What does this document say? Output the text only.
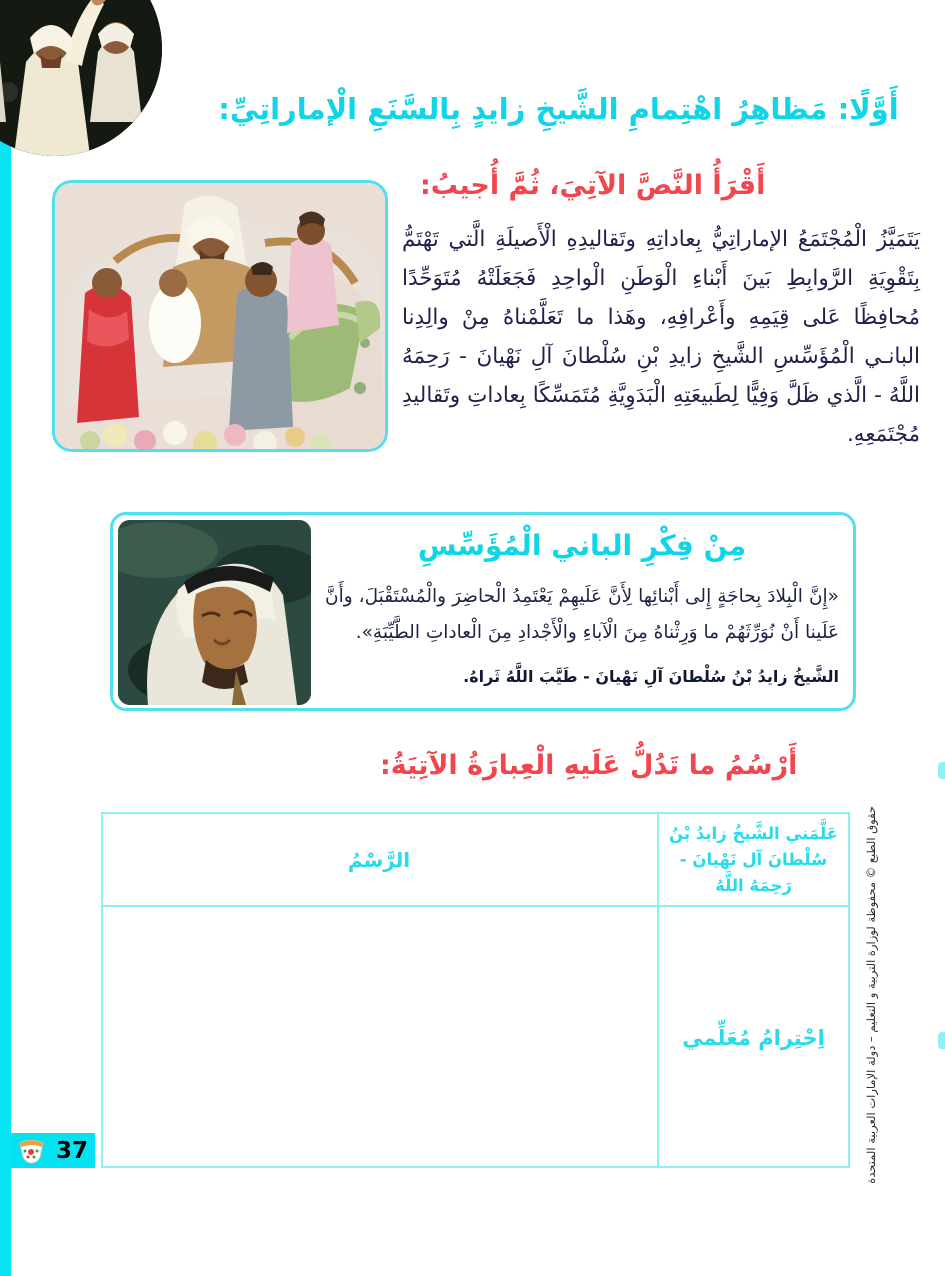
أَوَّلًا: مَظاهِرُ اهْتِمامِ الشَّيخِ زايدٍ بِالسَّنَعِ الْإماراتِيِّ:
أَقْرَأُ النَّصَّ الآتِيَ، ثُمَّ أُجيبُ:
يَتَمَيَّزُ الْمُجْتَمَعُ الإماراتِيُّ بِعاداتِهِ وتَقاليدِهِ الْأَصيلَةِ الَّتي تَهْتَمُّ بِتَقْوِيَةِ الرَّوابِطِ بَينَ أَبْناءِ الْوَطَنِ الْواحِدِ فَجَعَلَتْهُ مُتَوَحِّدًا مُحافِظًا عَلى قِيَمِهِ وأَعْرافِهِ، وهَذا ما تَعَلَّمْناهُ مِنْ والِدِنا البانـي الْمُؤَسِّسِ الشَّيخِ زايدِ بْنِ سُلْطانَ آلِ نَهْيانَ - رَحِمَهُ اللَّهُ - الَّذي ظَلَّ وَفِيًّا لِطَبيعَتِهِ الْبَدَوِيَّةِ مُتَمَسِّكًا بِعاداتِ وتَقاليدِ مُجْتَمَعِهِ.
مِنْ فِكْرِ الباني الْمُؤَسِّسِ
«إِنَّ الْبِلادَ بِحاجَةٍ إِلى أَبْنائِها لِأَنَّ عَلَيهِمْ يَعْتَمِدُ الْحاضِرَ والْمُسْتَقْبَلَ، وأَنَّ عَلَينا أَنْ نُوَرِّثَهُمْ ما وَرِثْناهُ مِنَ الْآباءِ والْأَجْدادِ مِنَ الْعاداتِ الطَّيِّبَةِ».
الشَّيخُ زايدُ بْنُ سُلْطانَ آلِ نَهْيانَ - طَيَّبَ اللَّهُ ثَراهُ.
أَرْسُمُ ما تَدُلُّ عَلَيهِ الْعِبارَةُ الآتِيَةُ:
عَلَّمَني الشَّيخُ زايدُ بْنُ سُلْطانَ آل نَهْيانَ - رَحِمَهُ اللَّهُ
الرَّسْمُ
اِحْتِرامُ مُعَلِّمي	حقوق الطبع © محفوظة لوزارة التربية و التعليم – دولة الإمارات العربية المتحدة
37
